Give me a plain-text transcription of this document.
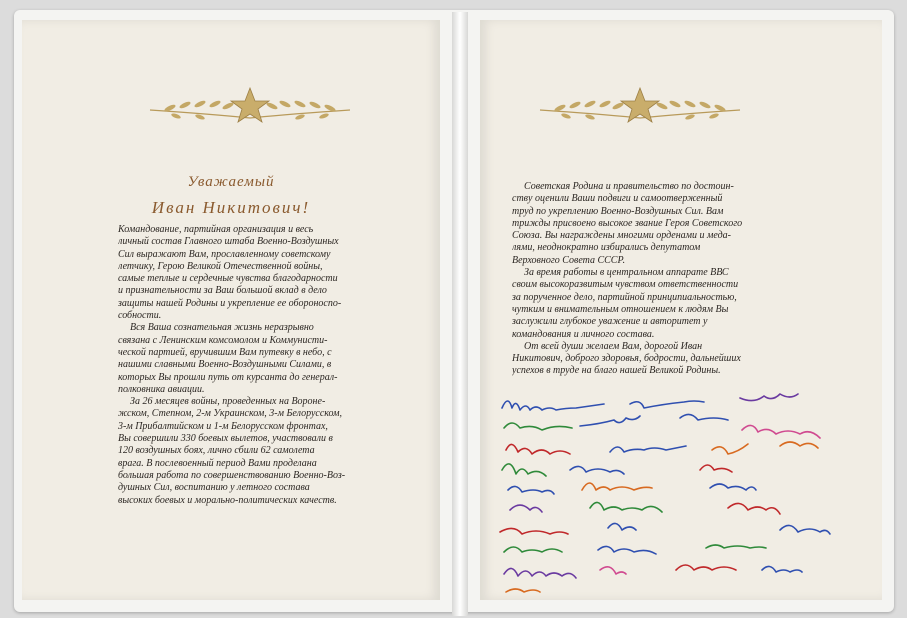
Уважаемый
Иван Никитович!
Командование, партийная организация и весь
личный состав Главного штаба Военно-Воздушных
Сил выражают Вам, прославленному советскому
летчику, Герою Великой Отечественной войны,
самые теплые и сердечные чувства благодарности
и признательности за Ваш большой вклад в дело
защиты нашей Родины и укрепление ее обороноспо-
собности.
Вся Ваша сознательная жизнь неразрывно
связана с Ленинским комсомолом и Коммунисти-
ческой партией, вручившим Вам путевку в небо, с
нашими славными Военно-Воздушными Силами, в
которых Вы прошли путь от курсанта до генерал-
полковника авиации.
За 26 месяцев войны, проведенных на Вороне-
жском, Степном, 2-м Украинском, 3-м Белорусском,
3-м Прибалтийском и 1-м Белорусском фронтах,
Вы совершили 330 боевых вылетов, участвовали в
120 воздушных боях, лично сбили 62 самолета
врага. В послевоенный период Вами проделана
большая работа по совершенствованию Военно-Воз-
душных Сил, воспитанию у летного состава
высоких боевых и морально-политических качеств.
Советская Родина и правительство по достоин-
ству оценили Ваши подвиги и самоотверженный
труд по укреплению Военно-Воздушных Сил. Вам
трижды присвоено высокое звание Героя Советского
Союза. Вы награждены многими орденами и меда-
лями, неоднократно избирались депутатом
Верховного Совета СССР.
За время работы в центральном аппарате ВВС
своим высокоразвитым чувством ответственности
за порученное дело, партийной принципиальностью,
чутким и внимательным отношением к людям Вы
заслужили глубокое уважение и авторитет у
командования и личного состава.
От всей души желаем Вам, дорогой Иван
Никитович, доброго здоровья, бодрости, дальнейших
успехов в труде на благо нашей Великой Родины.
